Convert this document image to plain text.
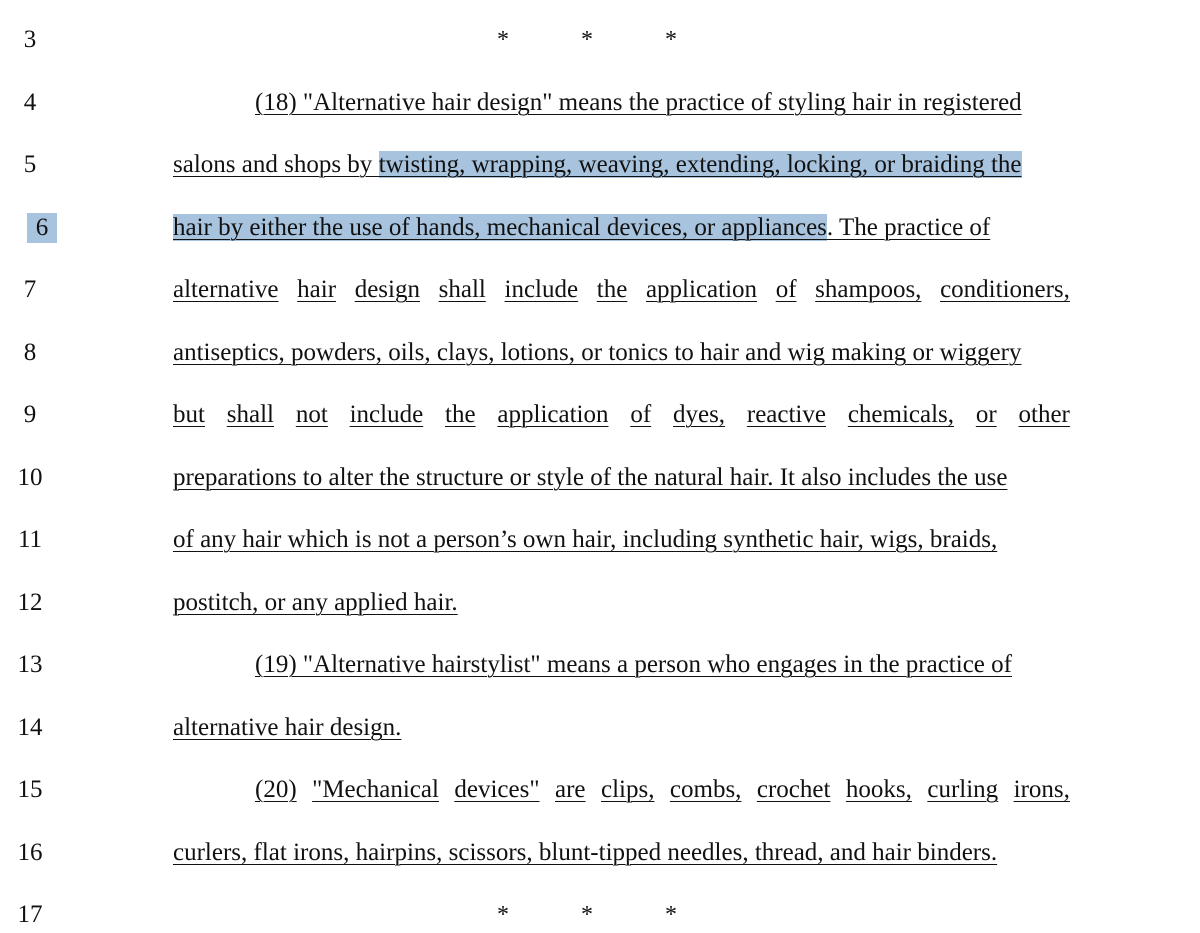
3
4
5
6
7
8
9
10
11
12
13
14
15
16
17
*	*	*
(18) "Alternative hair design" means the practice of styling hair in registered
salons and shops by twisting, wrapping, weaving, extending, locking, or braiding the
hair by either the use of hands, mechanical devices, or appliances. The practice of
alternative hair design shall include the application of shampoos, conditioners,
antiseptics, powders, oils, clays, lotions, or tonics to hair and wig making or wiggery
but shall not include the application of dyes, reactive chemicals, or other
preparations to alter the structure or style of the natural hair. It also includes the use
of any hair which is not a person’s own hair, including synthetic hair, wigs, braids,
postitch, or any applied hair.
(19) "Alternative hairstylist" means a person who engages in the practice of
alternative hair design.
(20) "Mechanical devices" are clips, combs, crochet hooks, curling irons,
curlers, flat irons, hairpins, scissors, blunt-tipped needles, thread, and hair binders.
*	*	*
